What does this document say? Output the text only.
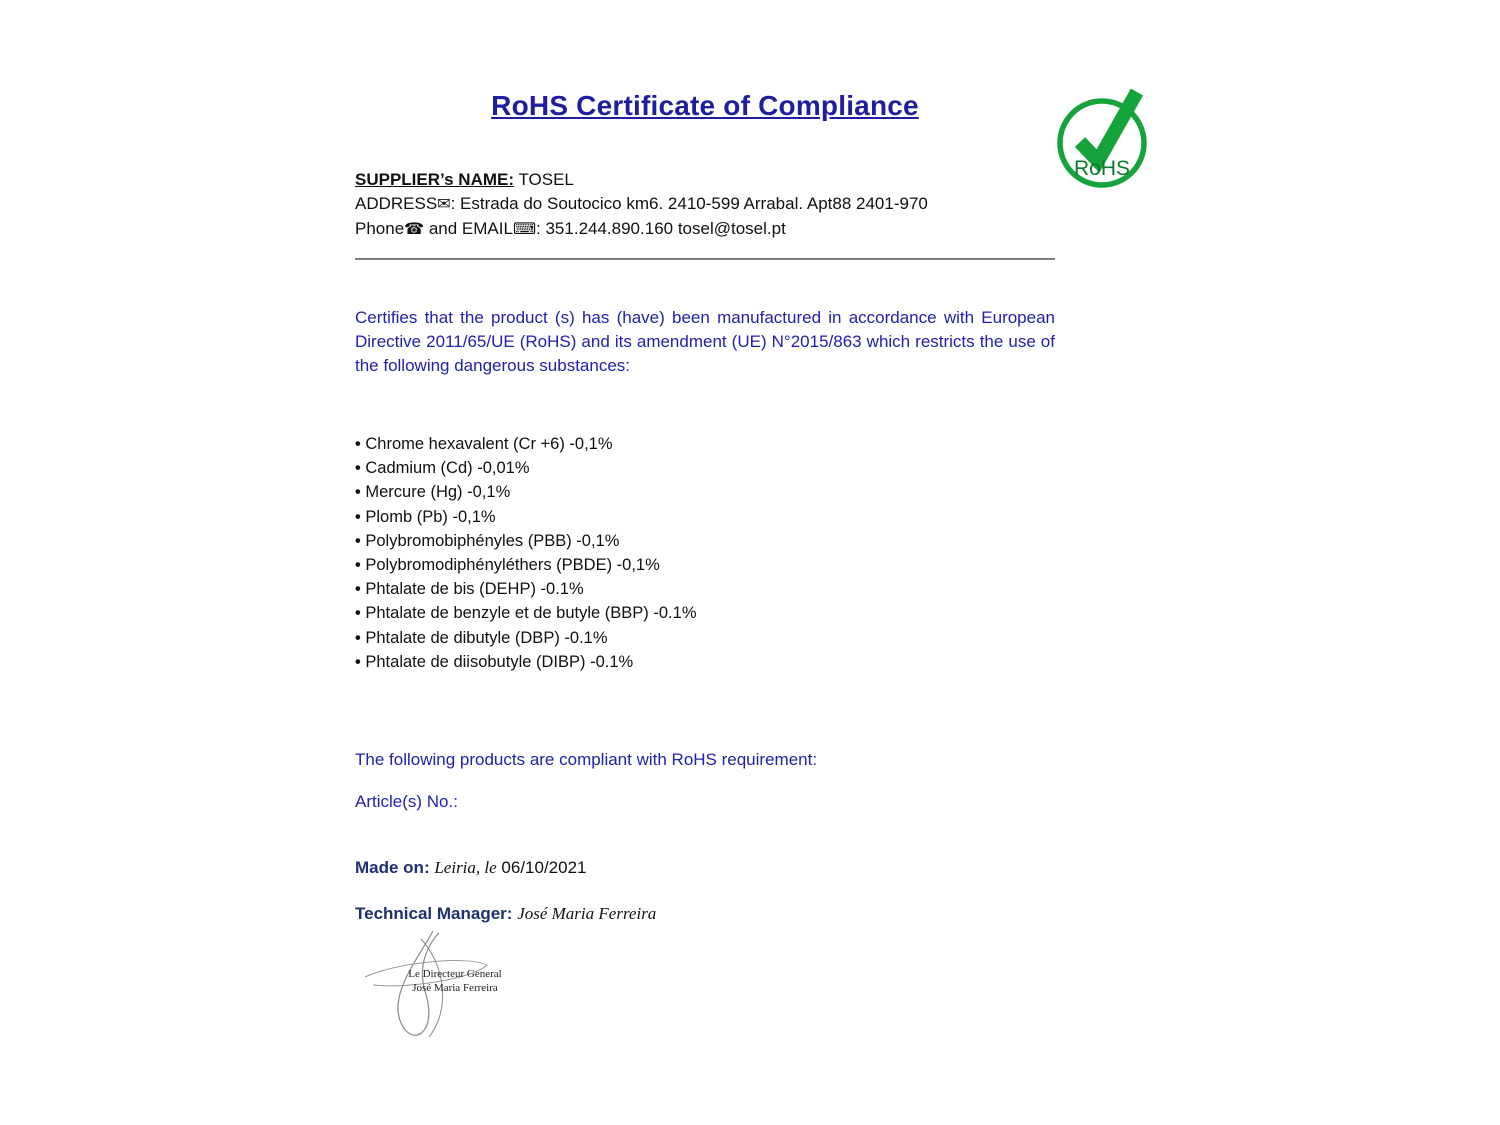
RoHS
RoHS Certificate of Compliance
SUPPLIER’s NAME: TOSEL
ADDRESS✉: Estrada do Soutocico km6. 2410-599 Arrabal. Apt88 2401-970
Phone☎ and EMAIL⌨: 351.244.890.160 tosel@tosel.pt

Certifies that the product (s) has (have) been manufactured in accordance with European Directive 2011/65/UE (RoHS) and its amendment (UE) N°2015/863 which restricts the use of the following dangerous substances:

• Chrome hexavalent (Cr +6) -0,1%
• Cadmium (Cd) -0,01%
• Mercure (Hg) -0,1%
• Plomb (Pb) -0,1%
• Polybromobiphényles (PBB) -0,1%
• Polybromodiphényléthers (PBDE) -0,1%
• Phtalate de bis (DEHP) -0.1%
• Phtalate de benzyle et de butyle (BBP) -0.1%
• Phtalate de dibutyle (DBP) -0.1%
• Phtalate de diisobutyle (DIBP) -0.1%

The following products are compliant with RoHS requirement:

Article(s) No.:

Made on: Leiria, le 06/10/2021

Technical Manager: José Maria Ferreira

Le Directeur General
José Maria Ferreira
